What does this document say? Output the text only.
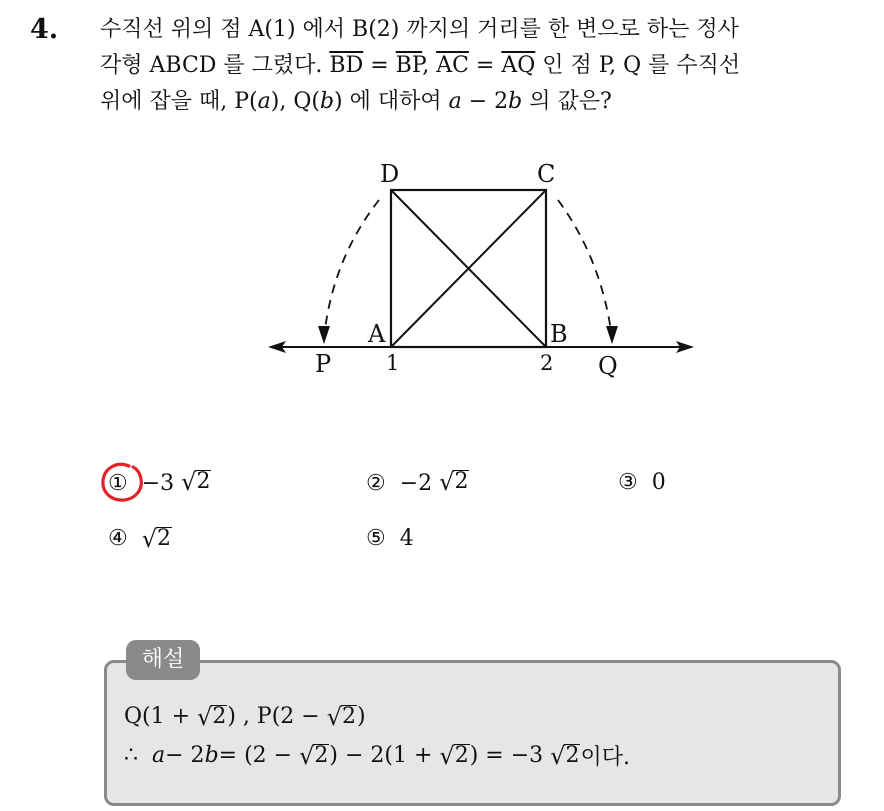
4. 수직선 위의 점 A(1) 에서 B(2) 까지의 거리를 한 변으로 하는 정사
각형 ABCD 를 그렸다. $\overline{BD} = \overline{BP}$, $\overline{AC} = \overline{AQ}$ 인 점 P, Q 를 수직선
위에 잡을 때, P(a), Q(b) 에 대하여 a − 2b 의 값은?
D	C
A	B
P	Q
1	2
① −3 √ 2	② −2 √ 2	③ 0
④ √ 2	⑤ 4
해설
Q(1 +
√ 2 ) , P(2 −
√ 2 )
∴
a − 2 b = (2 −
√ 2 ) − 2(1 +
√ 2 ) = −3
√ 2 이다.
